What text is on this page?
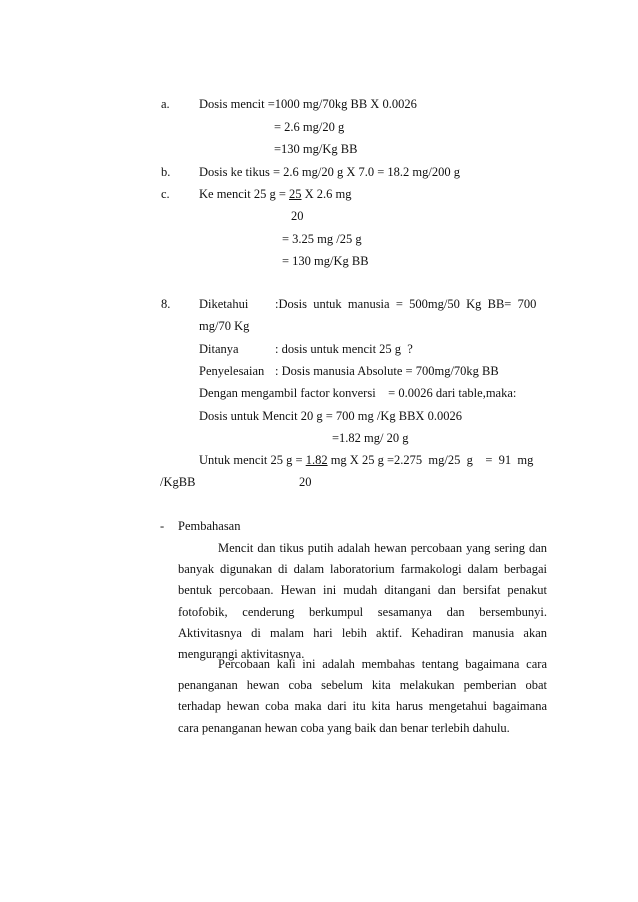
a. Dosis mencit =1000 mg/70kg BB X 0.0026
= 2.6 mg/20 g
=130 mg/Kg BB
b. Dosis ke tikus = 2.6 mg/20 g X 7.0 = 18.2 mg/200 g
c. Ke mencit 25 g = 25 X 2.6 mg
20
= 3.25 mg /25 g
= 130 mg/Kg BB
8. Diketahui :Dosis  untuk  manusia  =  500mg/50  Kg  BB=  700
mg/70 Kg
Ditanya	: dosis untuk mencit 25 g  ?
Penyelesaian : Dosis manusia Absolute = 700mg/70kg BB
Dengan mengambil factor konversi    = 0.0026 dari table,maka:
Dosis untuk Mencit 20 g = 700 mg /Kg BBX 0.0026
=1.82 mg/ 20 g
Untuk mencit 25 g = 1.82 mg X 25 g =2.275  mg/25  g    =  91  mg
/KgBB	20
- Pembahasan
Mencit dan tikus putih adalah hewan percobaan yang sering dan banyak digunakan di dalam laboratorium farmakologi dalam berbagai bentuk percobaan. Hewan ini mudah ditangani dan bersifat penakut fotofobik, cenderung berkumpul sesamanya dan bersembunyi. Aktivitasnya di malam hari lebih aktif. Kehadiran manusia akan mengurangi aktivitasnya.
Percobaan kali ini adalah membahas tentang bagaimana cara penanganan hewan coba sebelum kita melakukan pemberian obat terhadap hewan coba maka dari itu kita harus mengetahui bagaimana cara penanganan hewan coba yang baik dan benar terlebih dahulu.
